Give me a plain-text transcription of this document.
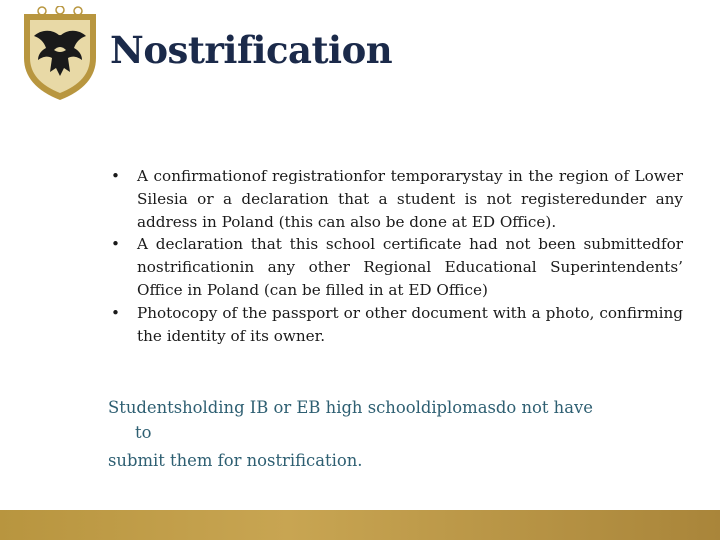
Nostrification
• A confirmationof registrationfor temporarystay in the region of Lower Silesia or a declaration that a student is not registeredunder any address in Poland (this can also be done at ED Office).
• A declaration that this school certificate had not been submittedfor nostrificationin any other Regional Educational Superintendents’ Office in Poland (can be filled in at ED Office)
• Photocopy of the passport or other document with a photo, confirming the identity of its owner.
Studentsholding IB or EB high schooldiplomasdo not have
to
submit them for nostrification.
